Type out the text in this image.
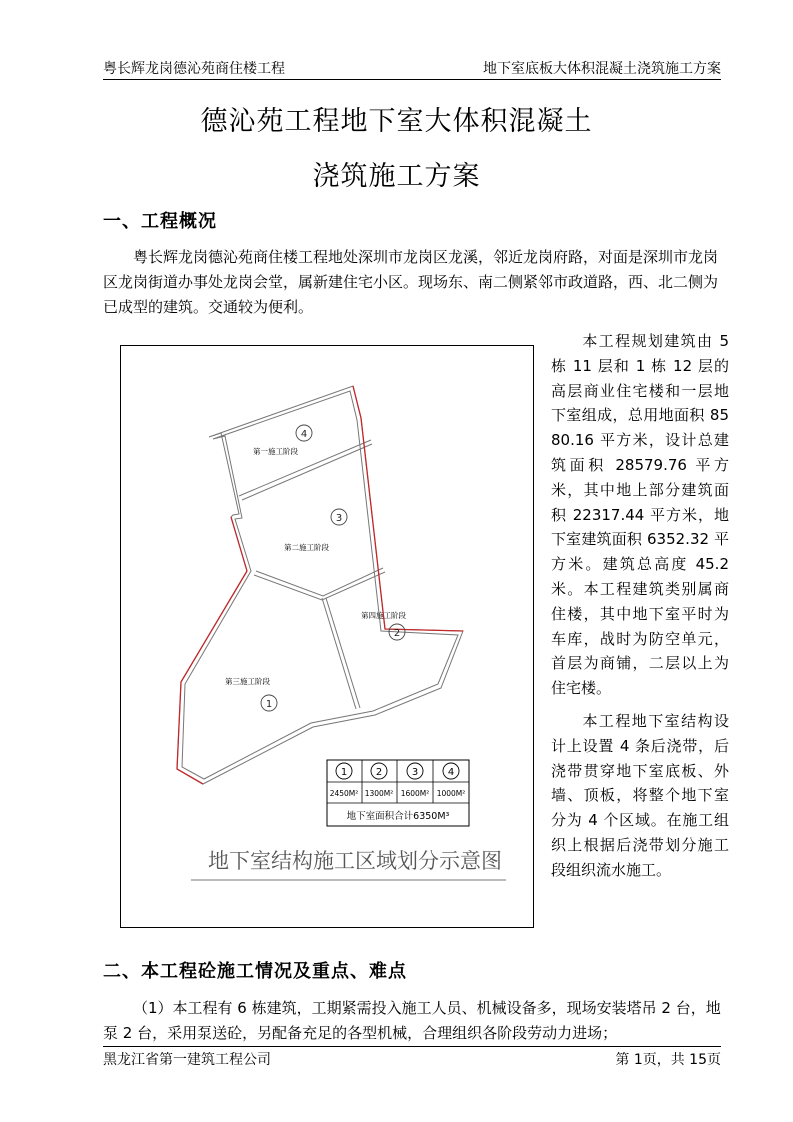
粤长辉龙岗德沁苑商住楼工程	地下室底板大体积混凝土浇筑施工方案
德沁苑工程地下室大体积混凝土
浇筑施工方案
一、工程概况
粤长辉龙岗德沁苑商住楼工程地处深圳市龙岗区龙溪，邻近龙岗府路，对面是深圳市龙岗区龙岗街道办事处龙岗会堂，属新建住宅小区。现场东、南二侧紧邻市政道路，西、北二侧为已成型的建筑。交通较为便利。
第一施工阶段
第二施工阶段
第四施工阶段
第三施工阶段
4
3
2
1
1	2	3	4
2450M² 1300M² 1600M² 1000M²
地下室面积合计6350M³
地下室结构施工区域划分示意图
本工程规划建筑由 5 栋 11 层和 1 栋 12 层的高层商业住宅楼和一层地下室组成，总用地面积 8580.16 平方米，设计总建筑面积 28579.76 平方米，其中地上部分建筑面积 22317.44 平方米，地下室建筑面积 6352.32 平方米。建筑总高度 45.2 米。本工程建筑类别属商住楼，其中地下室平时为车库，战时为防空单元，首层为商铺，二层以上为住宅楼。
本工程地下室结构设计上设置 4 条后浇带，后浇带贯穿地下室底板、外墙、顶板，将整个地下室分为 4 个区域。在施工组织上根据后浇带划分施工段组织流水施工。
二、本工程砼施工情况及重点、难点
（1）本工程有 6 栋建筑，工期紧需投入施工人员、机械设备多，现场安装塔吊 2 台，地泵 2 台，采用泵送砼，另配备充足的各型机械，合理组织各阶段劳动力进场；
黑龙江省第一建筑工程公司	第 1页，共 15页
